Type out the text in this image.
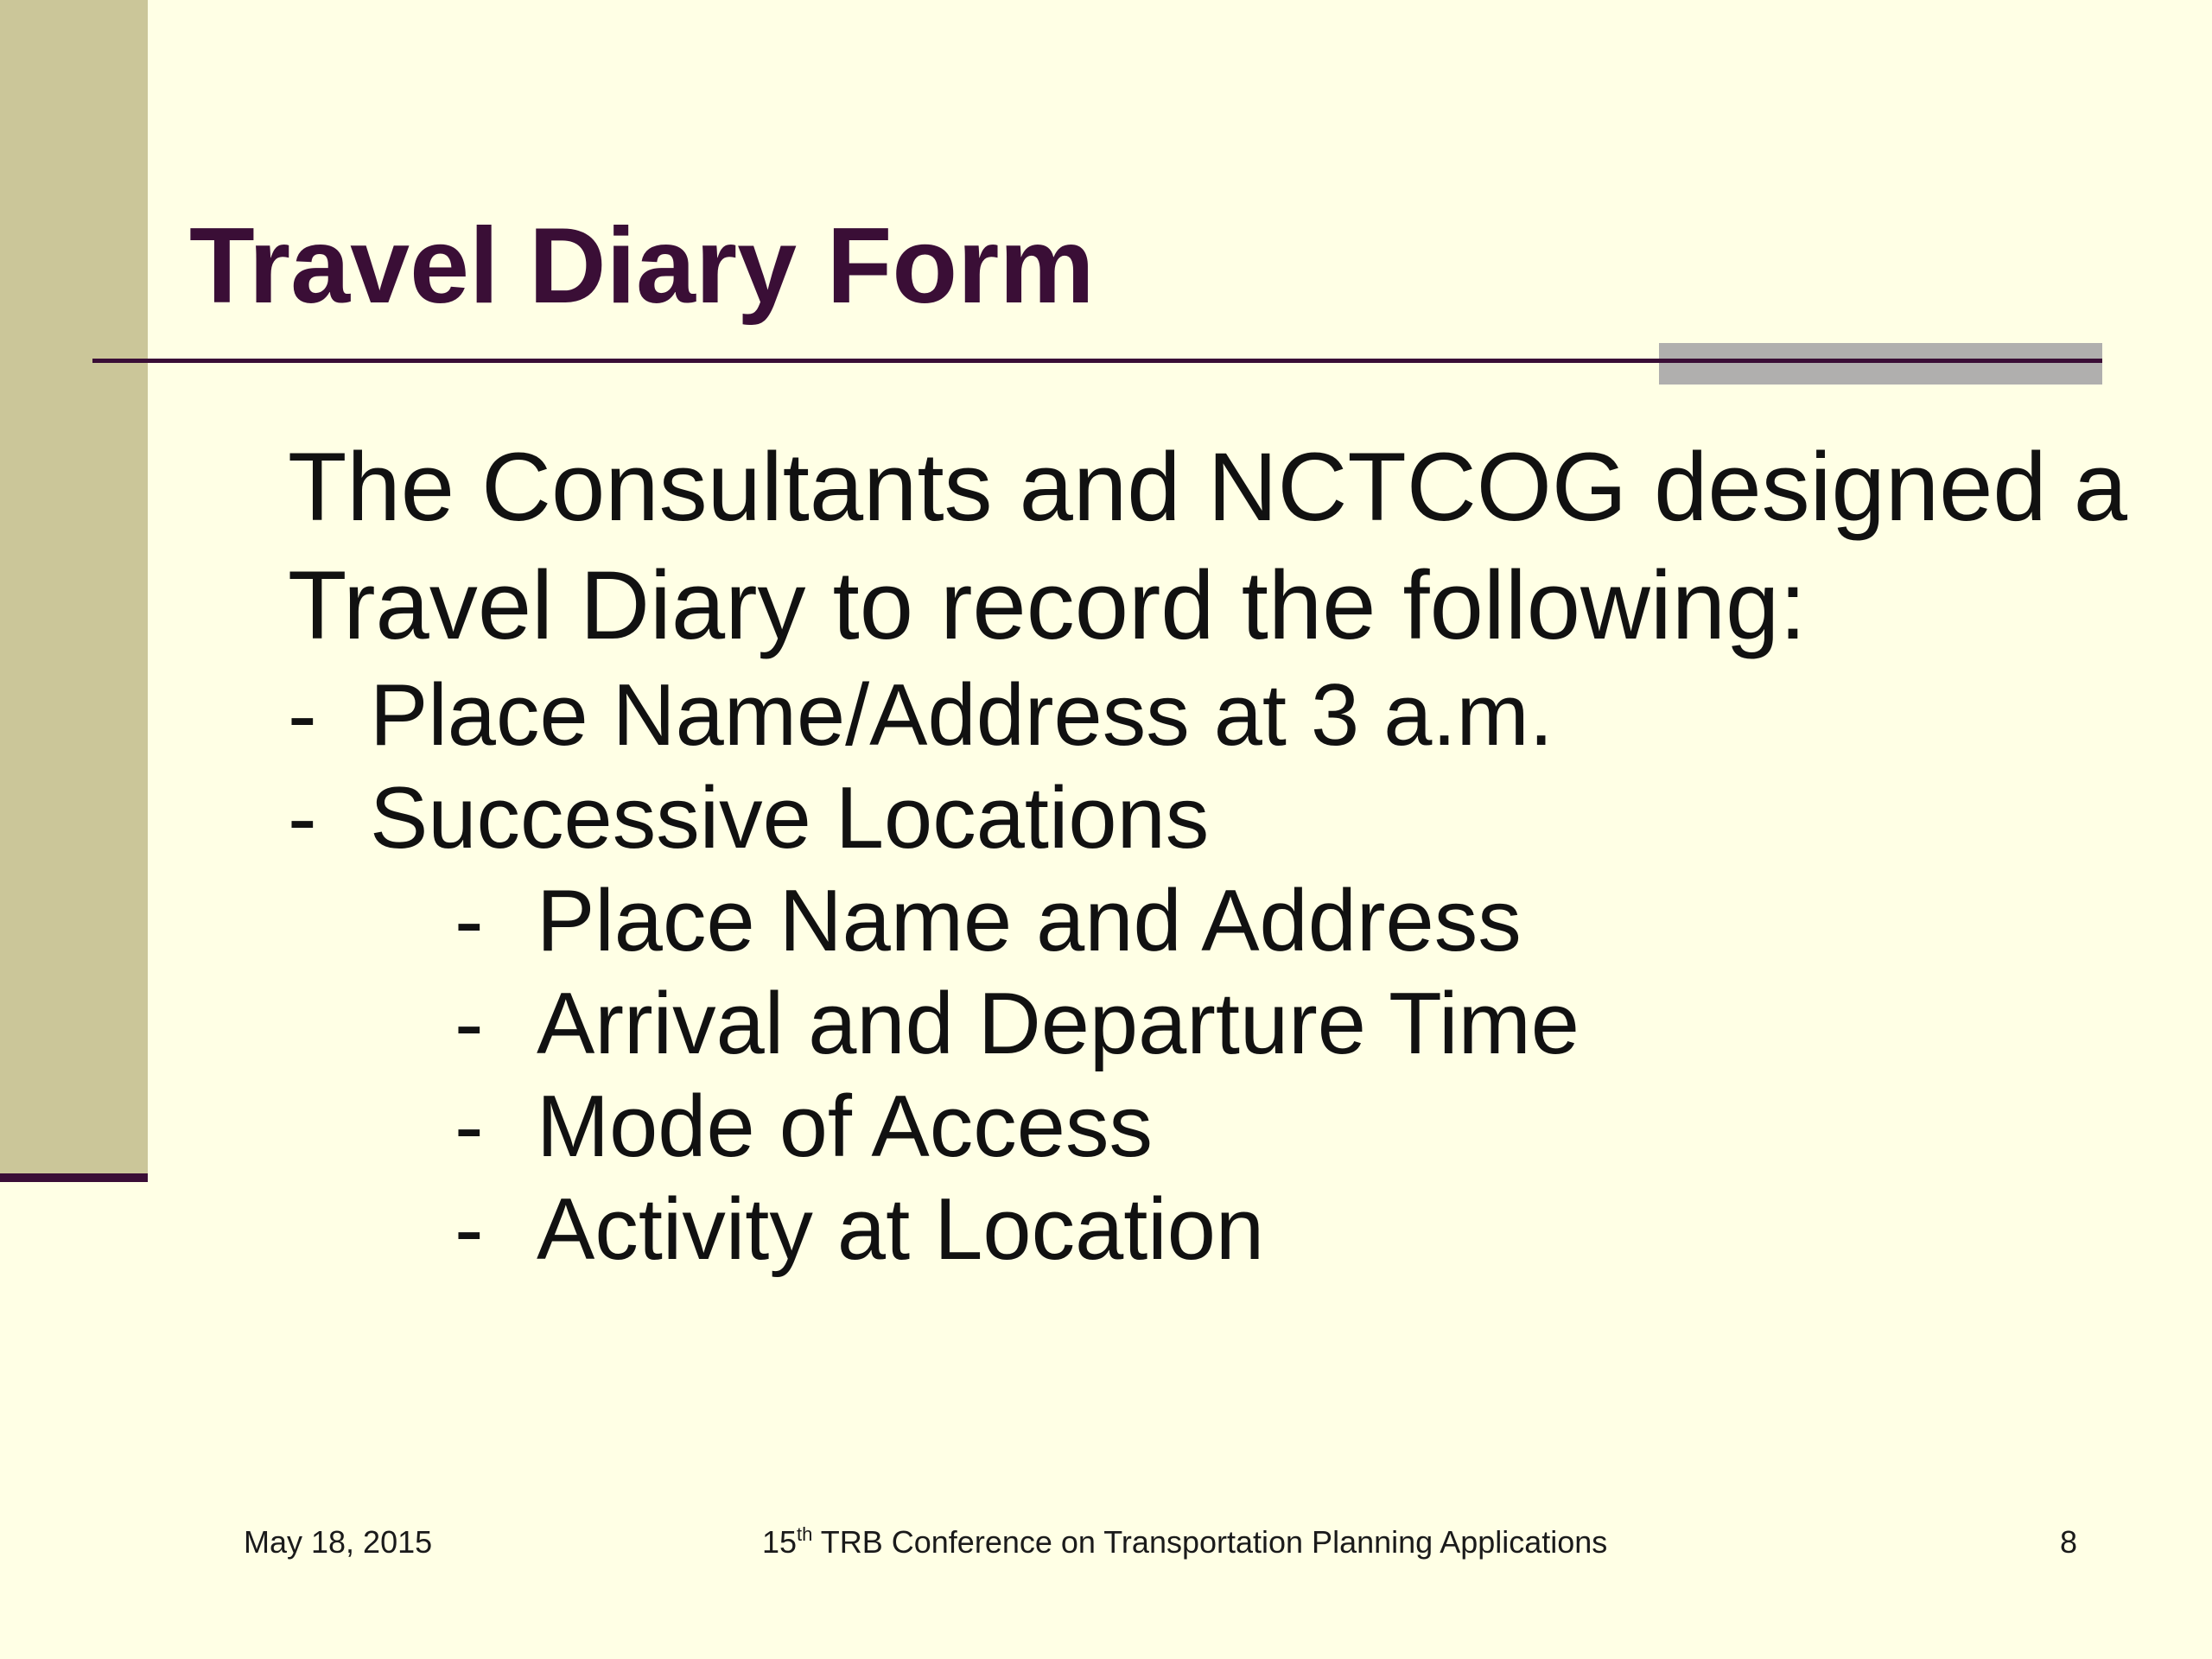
Travel Diary Form

The Consultants and NCTCOG designed a

Travel Diary to record the following:

- Place Name/Address at 3 a.m.
- Successive Locations
- Place Name and Address
- Arrival and Departure Time
- Mode of Access
- Activity at Location
May 18, 2015	15th TRB Conference on Transportation Planning Applications	8
